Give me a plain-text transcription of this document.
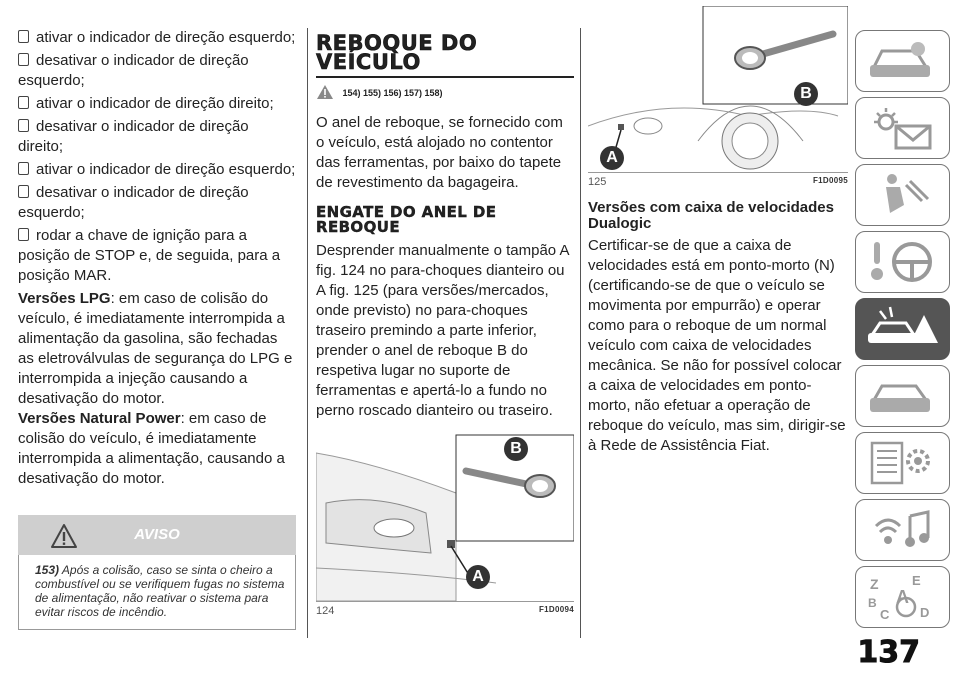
ativar o indicador de direção esquerdo;

desativar o indicador de direção esquerdo;

ativar o indicador de direção direito;

desativar o indicador de direção direito;

ativar o indicador de direção esquerdo;

desativar o indicador de direção esquerdo;

rodar a chave de ignição para a posição de STOP e, de seguida, para a posição MAR.

Versões LPG: em caso de colisão do veículo, é imediatamente interrompida a alimentação da gasolina, são fechadas as eletroválvulas de segurança do LPG e interrompida a injeção causando a desativação do motor.

Versões Natural Power: em caso de colisão do veículo, é imediatamente interrompida a alimentação, causando a desativação do motor.

AVISO
153) Após a colisão, caso se sinta o cheiro a combustível ou se verifiquem fugas no sistema de alimentação, não reativar o sistema para evitar riscos de incêndio.
REBOQUE DO
VEÍCULO
154) 155) 156) 157) 158)

O anel de reboque, se fornecido com o veículo, está alojado no contentor das ferramentas, por baixo do tapete de revestimento da bagageira.

ENGATE DO ANEL DE
REBOQUE

Desprender manualmente o tampão A fig. 124 no para-choques dianteiro ou A fig. 125 (para versões/mercados, onde previsto) no para-choques traseiro premindo a parte inferior, prender o anel de reboque B do respetiva lugar no suporte de ferramentas e apertá-lo a fundo no perno roscado dianteiro ou traseiro.

B
A
124	F1D0094
B
A
125	F1D0095
Versões com caixa de velocidades Dualogic

Certificar-se de que a caixa de velocidades está em ponto-morto (N) (certificando-se de que o veículo se movimenta por empurrão) e operar como para o reboque de um normal veículo com caixa de velocidades mecânica. Se não for possível colocar a caixa de velocidades em ponto-morto, não efetuar a operação de reboque do veículo, mas sim, dirigir-se à Rede de Assistência Fiat.

Z	E
A
B
C D
137
